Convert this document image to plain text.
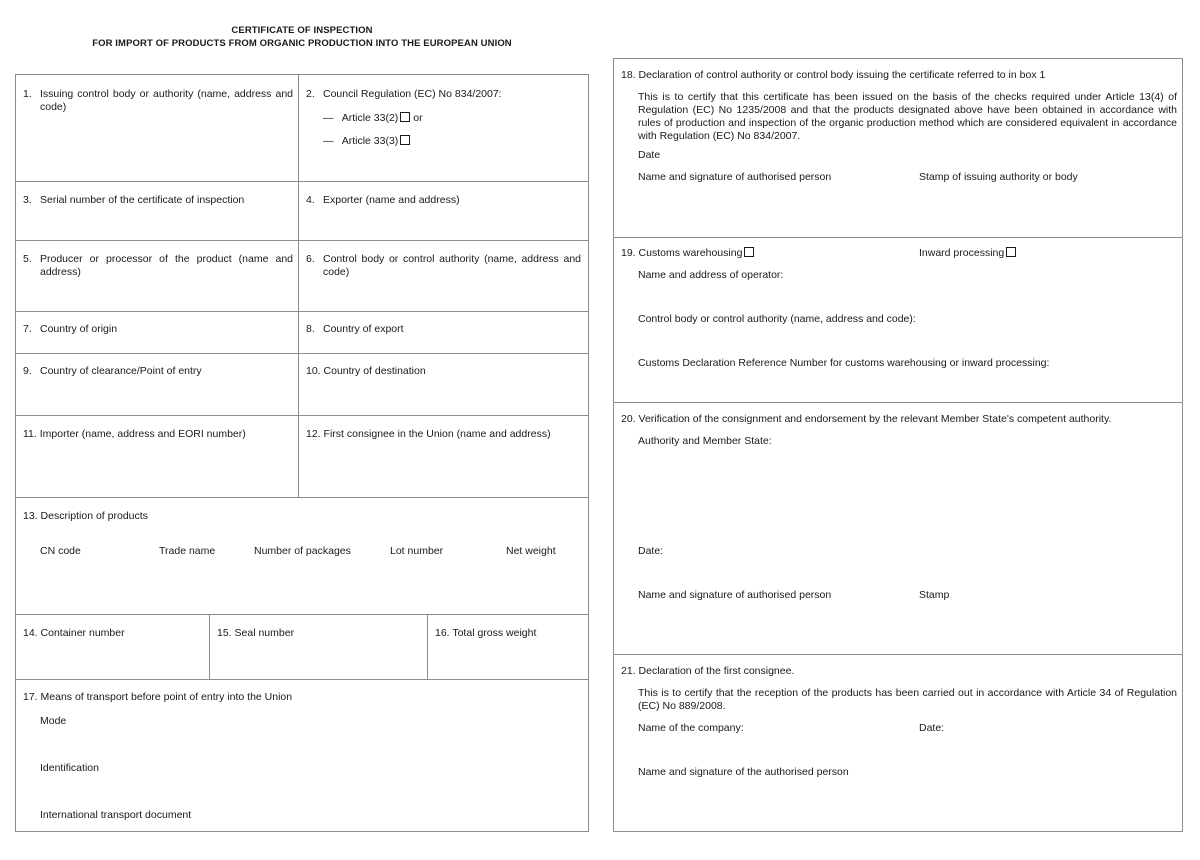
CERTIFICATE OF INSPECTION
FOR IMPORT OF PRODUCTS FROM ORGANIC PRODUCTION INTO THE EUROPEAN UNION
1. Issuing control body or authority (name, address and code)
2. Council Regulation (EC) No 834/2007:
— Article 33(2) or
— Article 33(3)
3. Serial number of the certificate of inspection	4. Exporter (name and address)
5. Producer or processor of the product (name and address)
6. Control body or control authority (name, address and code)
7. Country of origin	8. Country of export
9. Country of clearance/Point of entry	10. Country of destination
11. Importer (name, address and EORI number)	12. First consignee in the Union (name and address)
13. Description of products
CN code	Trade name	Number of packages	Lot number	Net weight
14. Container number	15. Seal number	16. Total gross weight
17. Means of transport before point of entry into the Union
Mode
Identification
International transport document
18. Declaration of control authority or control body issuing the certificate referred to in box 1
This is to certify that this certificate has been issued on the basis of the checks required under Article 13(4) of Regulation (EC) No 1235/2008 and that the products designated above have been obtained in accordance with rules of production and inspection of the organic production method which are considered equivalent in accordance with Regulation (EC) No 834/2007.
Date
Name and signature of authorised person	Stamp of issuing authority or body
19. Customs warehousing	Inward processing
Name and address of operator:
Control body or control authority (name, address and code):
Customs Declaration Reference Number for customs warehousing or inward processing:
20. Verification of the consignment and endorsement by the relevant Member State's competent authority.
Authority and Member State:
Date:
Name and signature of authorised person	Stamp
21. Declaration of the first consignee.
This is to certify that the reception of the products has been carried out in accordance with Article 34 of Regulation (EC) No 889/2008.
Name of the company:	Date:
Name and signature of the authorised person
